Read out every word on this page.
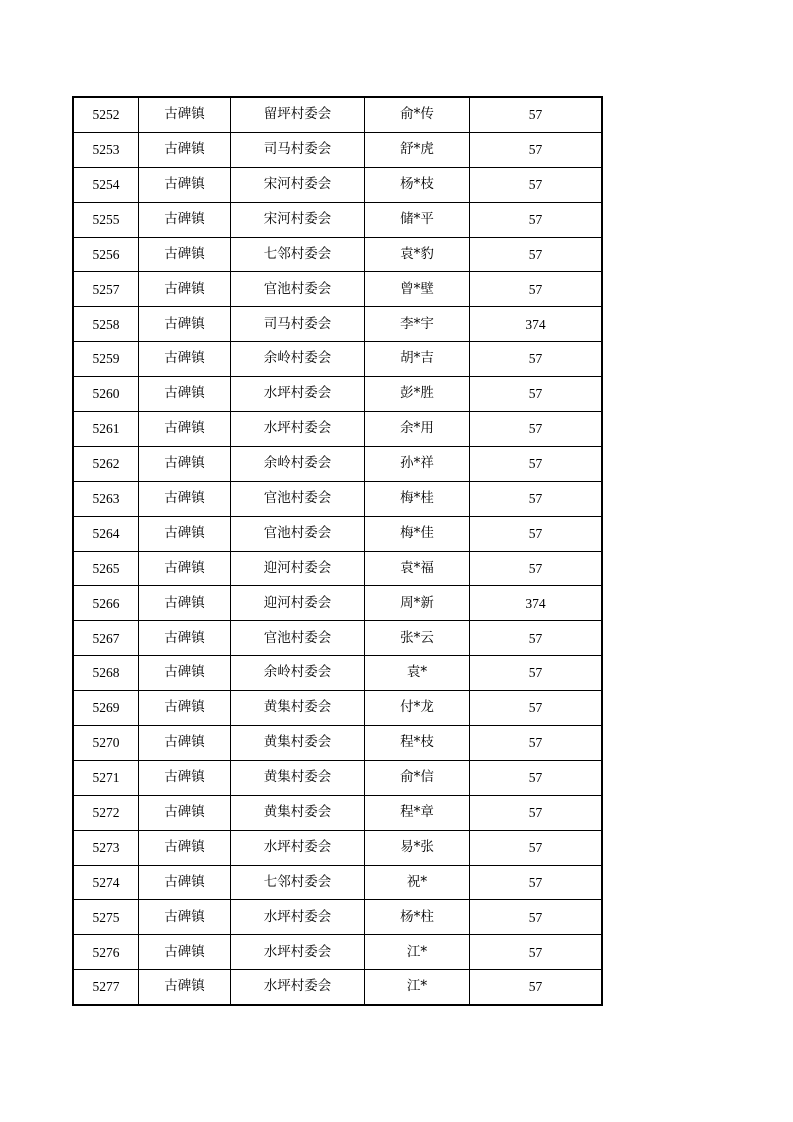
5252	古碑镇	留坪村委会	俞*传	57
5253	古碑镇	司马村委会	舒*虎	57
5254	古碑镇	宋河村委会	杨*枝	57
5255	古碑镇	宋河村委会	储*平	57
5256	古碑镇	七邻村委会	袁*豹	57
5257	古碑镇	官池村委会	曾*壁	57
5258	古碑镇	司马村委会	李*宇	374
5259	古碑镇	余岭村委会	胡*吉	57
5260	古碑镇	水坪村委会	彭*胜	57
5261	古碑镇	水坪村委会	余*用	57
5262	古碑镇	余岭村委会	孙*祥	57
5263	古碑镇	官池村委会	梅*桂	57
5264	古碑镇	官池村委会	梅*佳	57
5265	古碑镇	迎河村委会	袁*福	57
5266	古碑镇	迎河村委会	周*新	374
5267	古碑镇	官池村委会	张*云	57
5268	古碑镇	余岭村委会	袁*	57
5269	古碑镇	黄集村委会	付*龙	57
5270	古碑镇	黄集村委会	程*枝	57
5271	古碑镇	黄集村委会	俞*信	57
5272	古碑镇	黄集村委会	程*章	57
5273	古碑镇	水坪村委会	易*张	57
5274	古碑镇	七邻村委会	祝*	57
5275	古碑镇	水坪村委会	杨*柱	57
5276	古碑镇	水坪村委会	江*	57
5277	古碑镇	水坪村委会	江*	57
